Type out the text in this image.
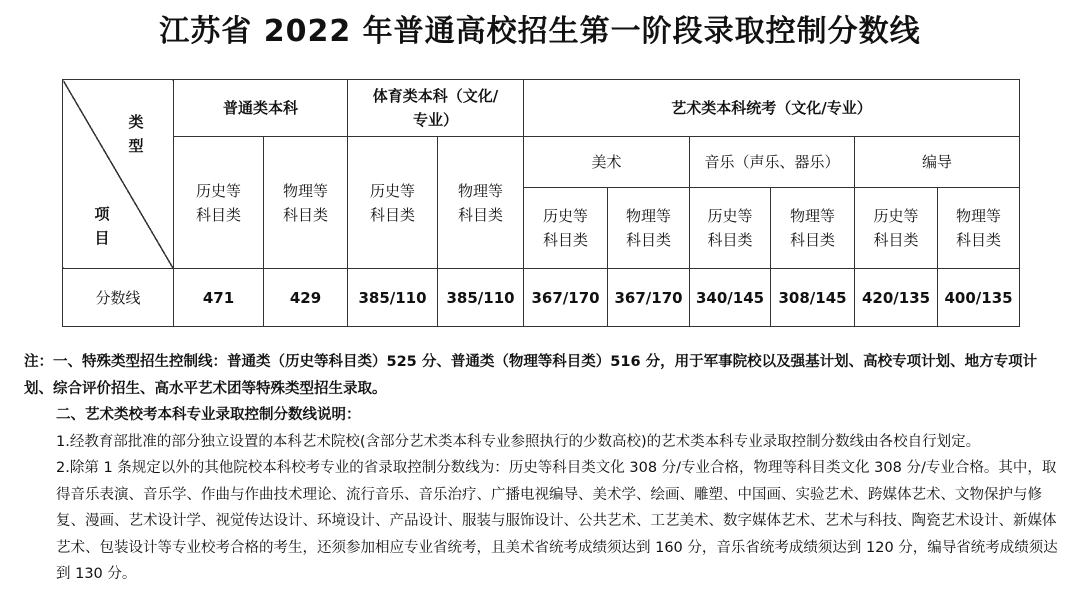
江苏省 2022 年普通高校招生第一阶段录取控制分数线
类型
项目	普通类本科		体育类本科（文化/专业）		艺术类本科统考（文化/专业）					
	历史等科目类	物理等科目类	历史等科目类	物理等科目类	美术		音乐（声乐、器乐）		编导	
					历史等科目类	物理等科目类	历史等科目类	物理等科目类	历史等科目类	物理等科目类
分数线	471	429	385/110	385/110	367/170	367/170	340/145	308/145	420/135	400/135

注：一、特殊类型招生控制线：普通类（历史等科目类）525 分、普通类（物理等科目类）516 分，用于军事院校以及强基计划、高校专项计划、地方专项计划、综合评价招生、高水平艺术团等特殊类型招生录取。

二、艺术类校考本科专业录取控制分数线说明：

1.经教育部批准的部分独立设置的本科艺术院校(含部分艺术类本科专业参照执行的少数高校)的艺术类本科专业录取控制分数线由各校自行划定。

2.除第 1 条规定以外的其他院校本科校考专业的省录取控制分数线为：历史等科目类文化 308 分/专业合格，物理等科目类文化 308 分/专业合格。其中，取得音乐表演、音乐学、作曲与作曲技术理论、流行音乐、音乐治疗、广播电视编导、美术学、绘画、雕塑、中国画、实验艺术、跨媒体艺术、文物保护与修复、漫画、艺术设计学、视觉传达设计、环境设计、产品设计、服装与服饰设计、公共艺术、工艺美术、数字媒体艺术、艺术与科技、陶瓷艺术设计、新媒体艺术、包装设计等专业校考合格的考生，还须参加相应专业省统考，且美术省统考成绩须达到 160 分，音乐省统考成绩须达到 120 分，编导省统考成绩须达到 130 分。
